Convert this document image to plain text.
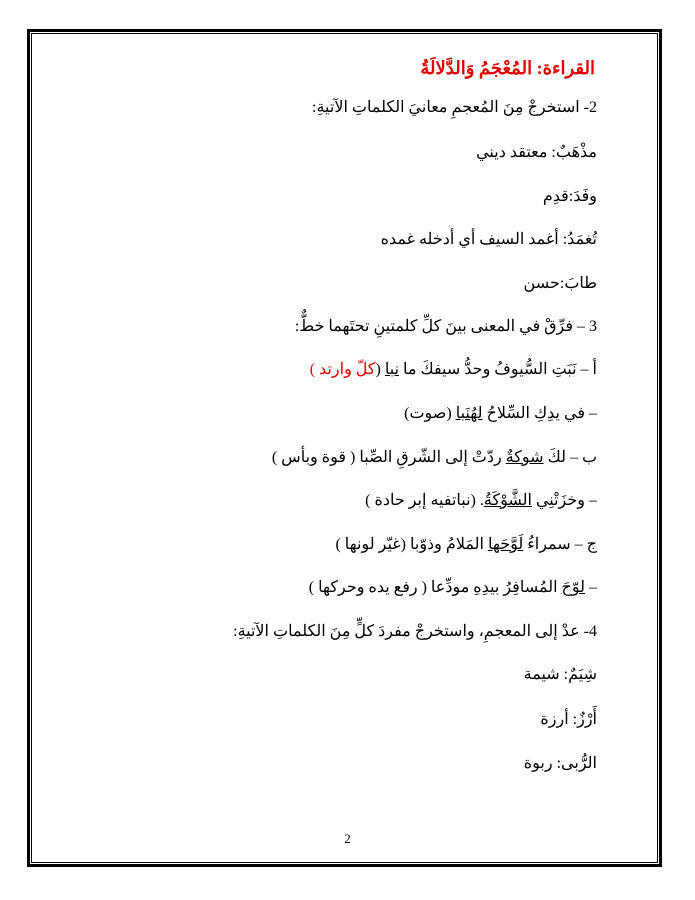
القراءة: المُعْجَمُ وَالدَّلالَةُ
2- استخرجْ مِنَ المُعجمِ معانيَ الكلماتِ الآتيةِ:
مذْهَبٌ: معتقد ديني
وفَدَ:قدِم
تُغمَدُ: أغمد السيف أي أدخله غمده
طابَ:حسن
3 – فرِّقْ في المعنى بينَ كلِّ كلمتينِ تحتَهما خطٌّ:
أ – نَبَتِ السُّيوفُ وحدُّ سيفكَ ما نبا (كلّ وارتد )
– في يدِكِ السِّلاحُ لهُنَبا (صوت)
ب – لكَ شوكةٌ ردّتْ إلى الشّرقِ الصِّبا ( قوة وبأس )
– وخزَتْنِي الشَّوْكَةُ. (نباتفيه إبر حادة )
ج – سمراءُ لَوَّحَها المَلامُ وذوّبا (غيّر لونها )
– لوّحَ المُسافِرُ بيدِهِ مودِّعا ( رفع يده وحركها )
4- عدْ إلى المعجمِ، واستخرجْ مفردَ كلٍّ مِنَ الكلماتِ الآتيةِ:
شِيَمٌ: شيمة
أَرْزٌ: أرزة
الرُّبى: ربوة
2
